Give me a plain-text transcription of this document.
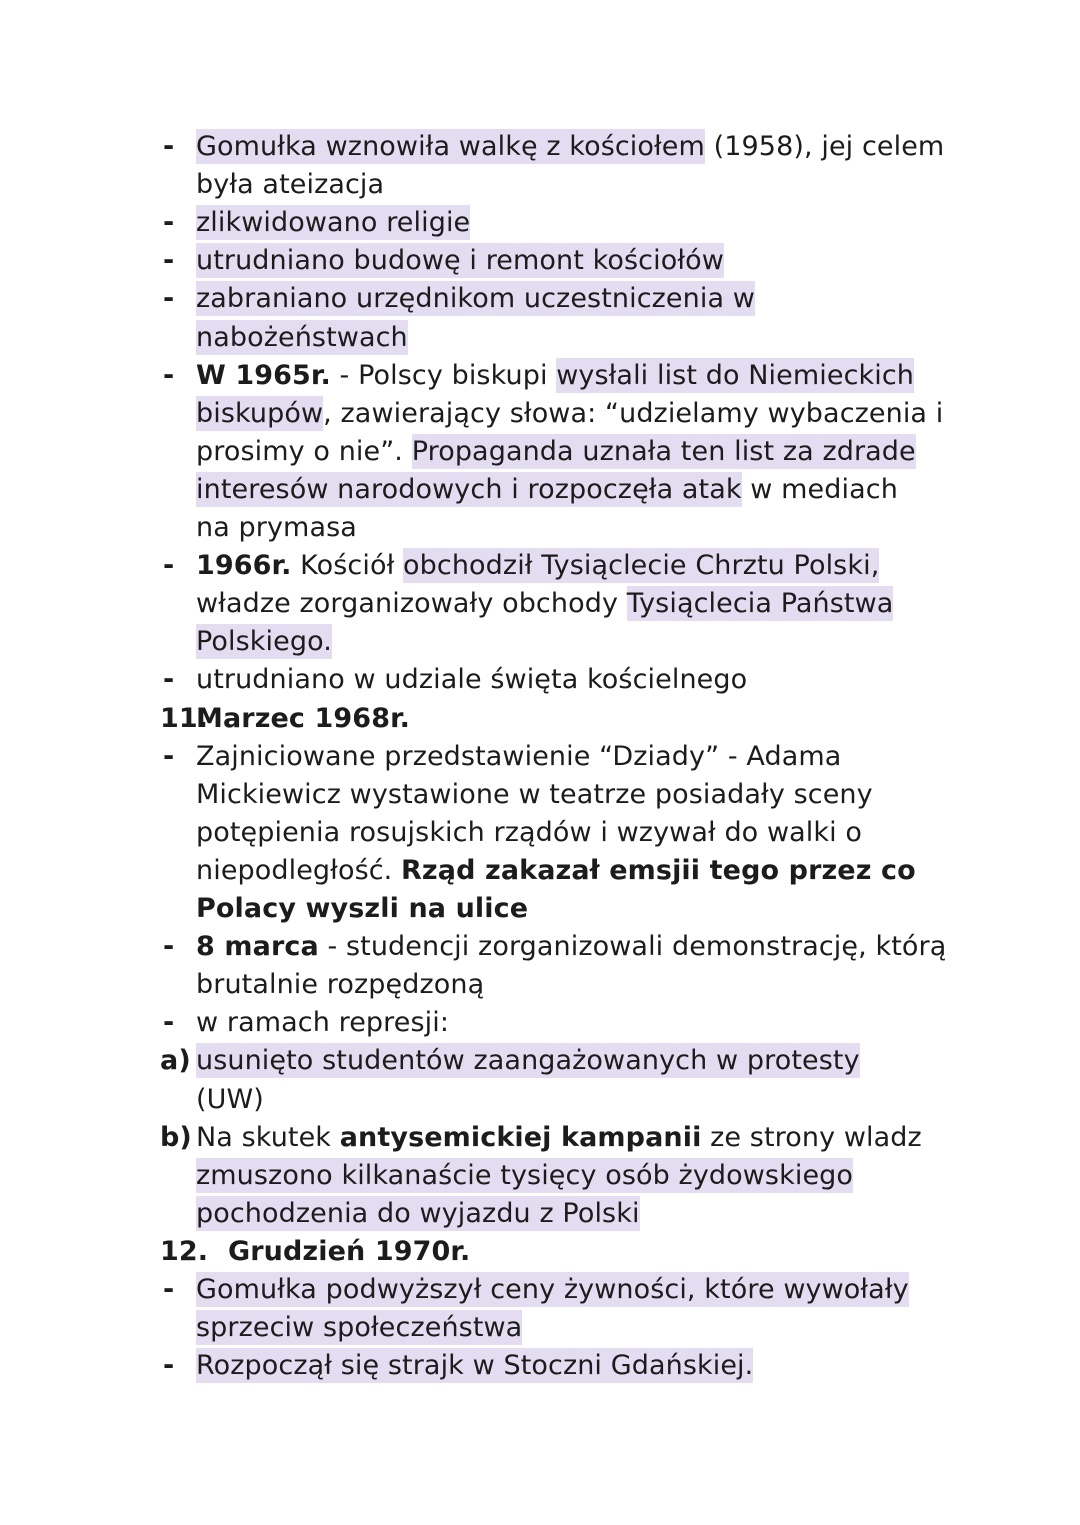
- Gomułka wznowiła walkę z kościołem (1958), jej celem
była ateizacja
- zlikwidowano religie
- utrudniano budowę i remont kościołów
- zabraniano urzędnikom uczestniczenia w
nabożeństwach
- W 1965r. - Polscy biskupi wysłali list do Niemieckich
biskupów, zawierający słowa: “udzielamy wybaczenia i
prosimy o nie”. Propaganda uznała ten list za zdrade
interesów narodowych i rozpoczęła atak w mediach
na prymasa
- 1966r. Kościół obchodził Tysiąclecie Chrztu Polski,
władze zorganizowały obchody Tysiąclecia Państwa
Polskiego.
- utrudniano w udziale święta kościelnego
11.
Marzec 1968r.
- Zajniciowane przedstawienie “Dziady” - Adama
Mickiewicz wystawione w teatrze posiadały sceny
potępienia rosujskich rządów i wzywał do walki o
niepodległość. Rząd zakazał emsjii tego przez co
Polacy wyszli na ulice
- 8 marca - studencji zorganizowali demonstrację, którą
brutalnie rozpędzoną
- w ramach represji:
a) usunięto studentów zaangażowanych w protesty
(UW)
b) Na skutek antysemickiej kampanii ze strony wladz
zmuszono kilkanaście tysięcy osób żydowskiego
pochodzenia do wyjazdu z Polski
12. Grudzień 1970r.
- Gomułka podwyższył ceny żywności, które wywołały
sprzeciw społeczeństwa
- Rozpoczął się strajk w Stoczni Gdańskiej.
